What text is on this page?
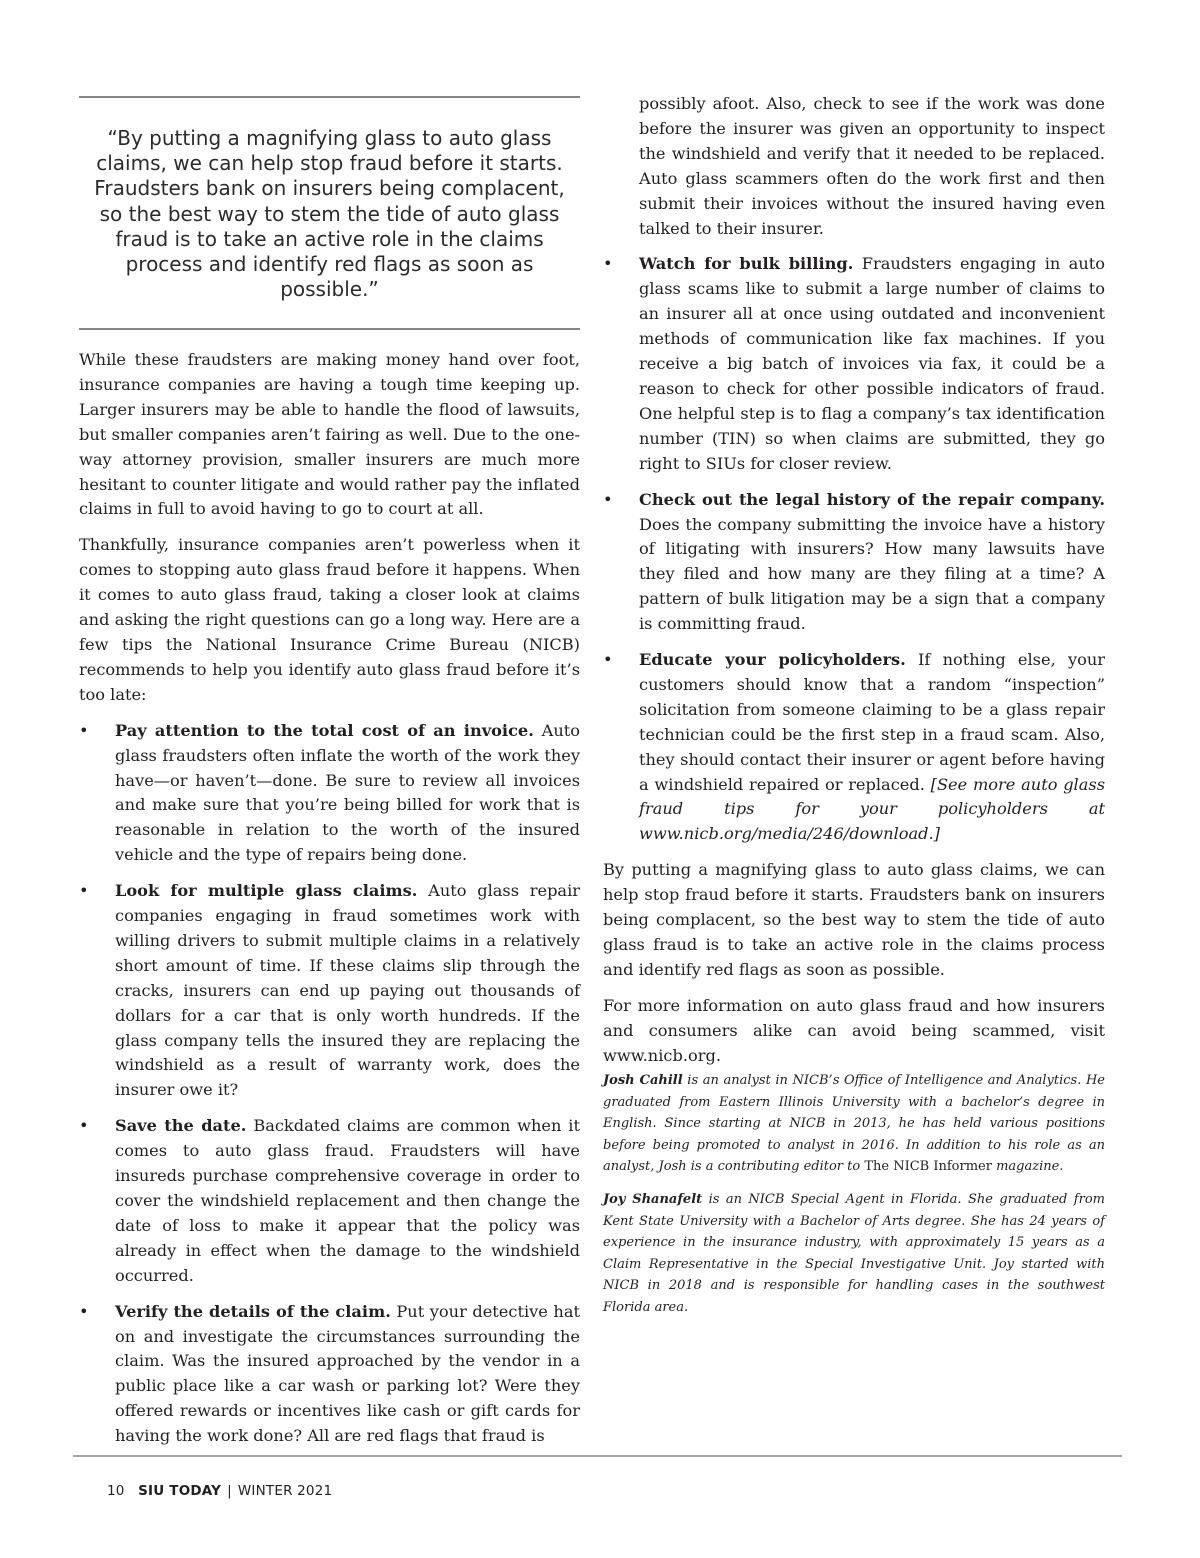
“By putting a magnifying glass to auto glass claims, we can help stop fraud before it starts. Fraudsters bank on insurers being complacent, so the best way to stem the tide of auto glass fraud is to take an active role in the claims process and identify red flags as soon as possible.”

While these fraudsters are making money hand over foot, insurance companies are having a tough time keeping up. Larger insurers may be able to handle the flood of lawsuits, but smaller companies aren’t fairing as well. Due to the one-way attorney provision, smaller insurers are much more hesitant to counter litigate and would rather pay the inflated claims in full to avoid having to go to court at all.

Thankfully, insurance companies aren’t powerless when it comes to stopping auto glass fraud before it happens. When it comes to auto glass fraud, taking a closer look at claims and asking the right questions can go a long way. Here are a few tips the National Insurance Crime Bureau (NICB) recommends to help you identify auto glass fraud before it’s too late:

• Pay attention to the total cost of an invoice. Auto glass fraudsters often inflate the worth of the work they have—or haven’t—done. Be sure to review all invoices and make sure that you’re being billed for work that is reasonable in relation to the worth of the insured vehicle and the type of repairs being done.
• Look for multiple glass claims. Auto glass repair companies engaging in fraud sometimes work with willing drivers to submit multiple claims in a relatively short amount of time. If these claims slip through the cracks, insurers can end up paying out thousands of dollars for a car that is only worth hundreds. If the glass company tells the insured they are replacing the windshield as a result of warranty work, does the insurer owe it?
• Save the date. Backdated claims are common when it comes to auto glass fraud. Fraudsters will have insureds purchase comprehensive coverage in order to cover the windshield replacement and then change the date of loss to make it appear that the policy was already in effect when the damage to the windshield occurred.
• Verify the details of the claim. Put your detective hat on and investigate the circumstances surrounding the claim. Was the insured approached by the vendor in a public place like a car wash or parking lot? Were they offered rewards or incentives like cash or gift cards for having the work done? All are red flags that fraud is

possibly afoot. Also, check to see if the work was done before the insurer was given an opportunity to inspect the windshield and verify that it needed to be replaced. Auto glass scammers often do the work first and then submit their invoices without the insured having even talked to their insurer.

• Watch for bulk billing. Fraudsters engaging in auto glass scams like to submit a large number of claims to an insurer all at once using outdated and inconvenient methods of communication like fax machines. If you receive a big batch of invoices via fax, it could be a reason to check for other possible indicators of fraud. One helpful step is to flag a company’s tax identification number (TIN) so when claims are submitted, they go right to SIUs for closer review.
• Check out the legal history of the repair company. Does the company submitting the invoice have a history of litigating with insurers? How many lawsuits have they filed and how many are they filing at a time? A pattern of bulk litigation may be a sign that a company is committing fraud.
• Educate your policyholders. If nothing else, your customers should know that a random “inspection” solicitation from someone claiming to be a glass repair technician could be the first step in a fraud scam. Also, they should contact their insurer or agent before having a windshield repaired or replaced. [See more auto glass fraud tips for your policyholders at www.nicb.org/media/246/download.]

By putting a magnifying glass to auto glass claims, we can help stop fraud before it starts. Fraudsters bank on insurers being complacent, so the best way to stem the tide of auto glass fraud is to take an active role in the claims process and identify red flags as soon as possible.

For more information on auto glass fraud and how insurers and consumers alike can avoid being scammed, visit www.nicb.org.

Josh Cahill is an analyst in NICB’s Office of Intelligence and Analytics. He graduated from Eastern Illinois University with a bachelor’s degree in English. Since starting at NICB in 2013, he has held various positions before being promoted to analyst in 2016. In addition to his role as an analyst, Josh is a contributing editor to The NICB Informer magazine.

Joy Shanafelt is an NICB Special Agent in Florida. She graduated from Kent State University with a Bachelor of Arts degree. She has 24 years of experience in the insurance industry, with approximately 15 years as a Claim Representative in the Special Investigative Unit. Joy started with NICB in 2018 and is responsible for handling cases in the southwest Florida area.

10 SIU TODAY | WINTER 2021
